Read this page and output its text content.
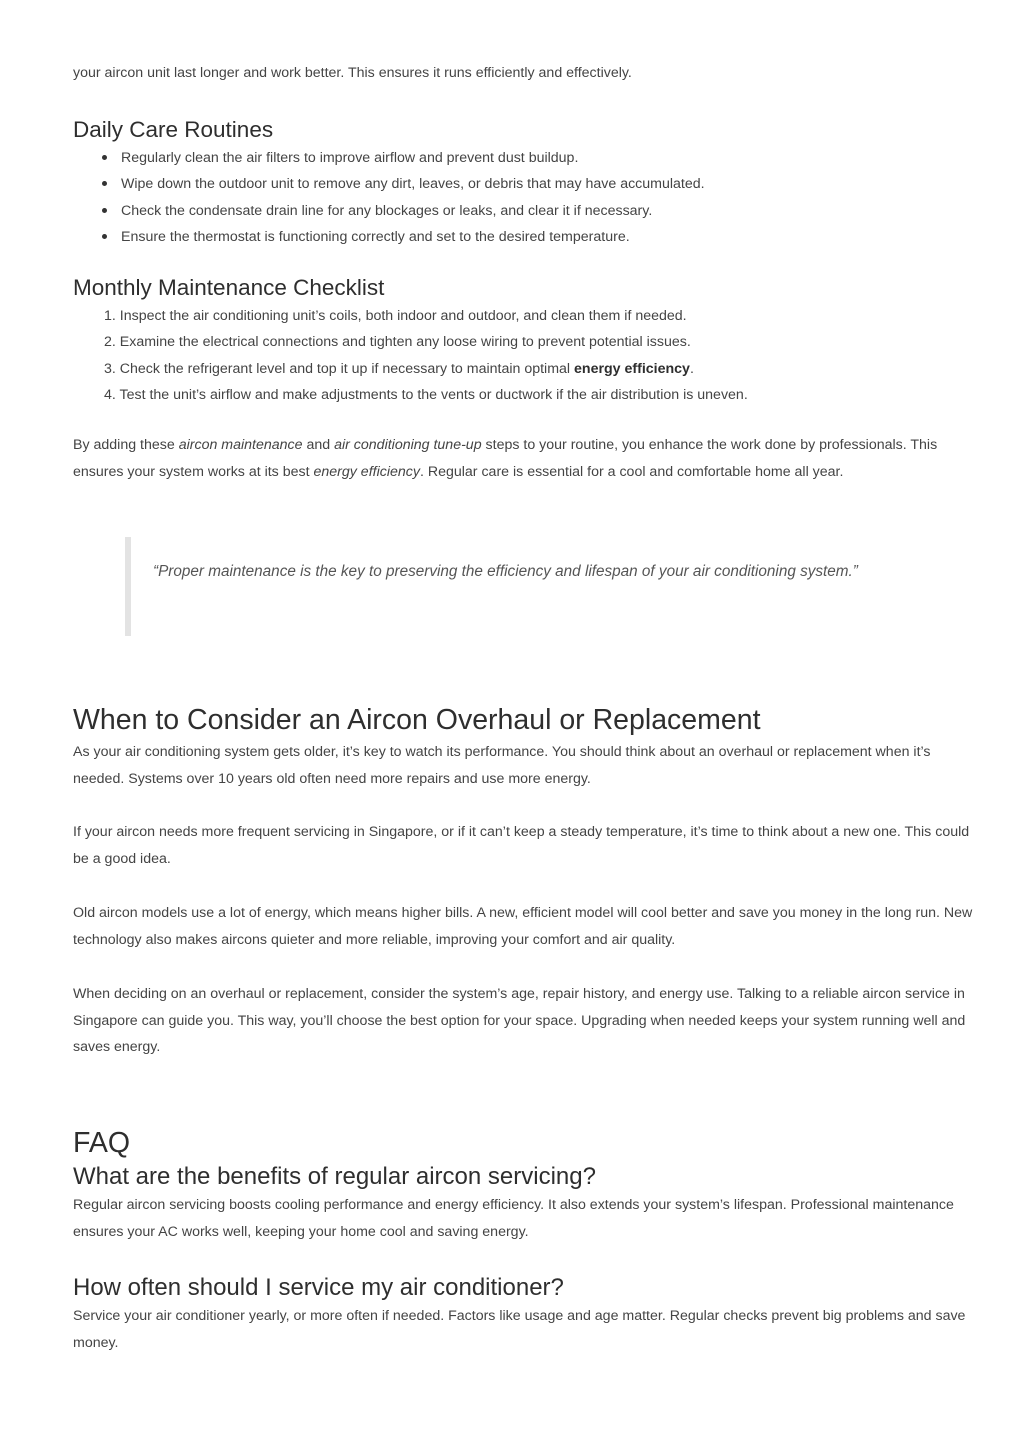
your aircon unit last longer and work better. This ensures it runs efficiently and effectively.

Daily Care Routines
Regularly clean the air filters to improve airflow and prevent dust buildup.
Wipe down the outdoor unit to remove any dirt, leaves, or debris that may have accumulated.
Check the condensate drain line for any blockages or leaks, and clear it if necessary.
Ensure the thermostat is functioning correctly and set to the desired temperature.
Monthly Maintenance Checklist
1. Inspect the air conditioning unit’s coils, both indoor and outdoor, and clean them if needed.
2. Examine the electrical connections and tighten any loose wiring to prevent potential issues.
3. Check the refrigerant level and top it up if necessary to maintain optimal energy efficiency.
4. Test the unit’s airflow and make adjustments to the vents or ductwork if the air distribution is uneven.

By adding these aircon maintenance and air conditioning tune-up steps to your routine, you enhance the work done by professionals. This ensures your system works at its best energy efficiency. Regular care is essential for a cool and comfortable home all year.

“Proper maintenance is the key to preserving the efficiency and lifespan of your air conditioning system.”

When to Consider an Aircon Overhaul or Replacement

As your air conditioning system gets older, it’s key to watch its performance. You should think about an overhaul or replacement when it’s needed. Systems over 10 years old often need more repairs and use more energy.

If your aircon needs more frequent servicing in Singapore, or if it can’t keep a steady temperature, it’s time to think about a new one. This could be a good idea.

Old aircon models use a lot of energy, which means higher bills. A new, efficient model will cool better and save you money in the long run. New technology also makes aircons quieter and more reliable, improving your comfort and air quality.

When deciding on an overhaul or replacement, consider the system’s age, repair history, and energy use. Talking to a reliable aircon service in Singapore can guide you. This way, you’ll choose the best option for your space. Upgrading when needed keeps your system running well and saves energy.

FAQ
What are the benefits of regular aircon servicing?

Regular aircon servicing boosts cooling performance and energy efficiency. It also extends your system’s lifespan. Professional maintenance ensures your AC works well, keeping your home cool and saving energy.

How often should I service my air conditioner?

Service your air conditioner yearly, or more often if needed. Factors like usage and age matter. Regular checks prevent big problems and save money.
